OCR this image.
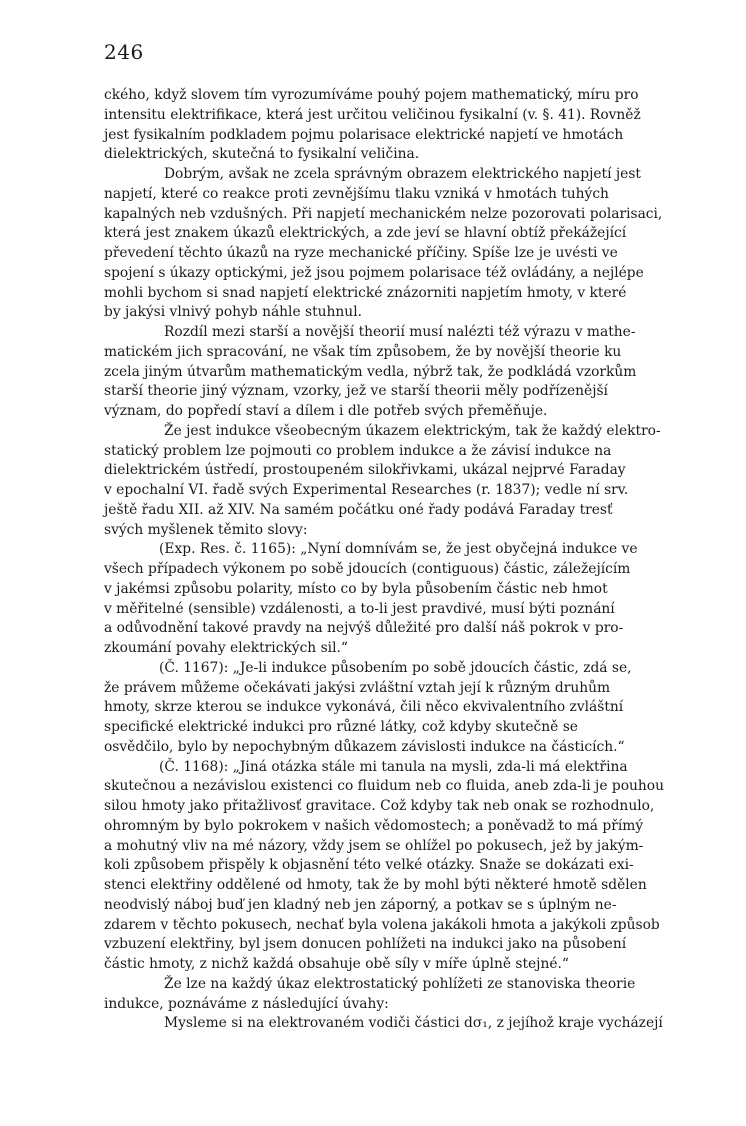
246

ckého, když slovem tím vyrozumíváme pouhý pojem mathematický, míru pro
intensitu elektrifikace, která jest určitou veličinou fysikalní (v. §. 41). Rovněž
jest fysikalním podkladem pojmu polarisace elektrické napjetí ve hmotách
dielektrických, skutečná to fysikalní veličina.

Dobrým, avšak ne zcela správným obrazem elektrického napjetí jest
napjetí, které co reakce proti zevnějšímu tlaku vzniká v hmotách tuhých
kapalných neb vzdušných. Při napjetí mechanickém nelze pozorovati polarisaci,
která jest znakem úkazů elektrických, a zde jeví se hlavní obtíž překážející
převedení těchto úkazů na ryze mechanické příčiny. Spíše lze je uvésti ve
spojení s úkazy optickými, jež jsou pojmem polarisace též ovládány, a nejlépe
mohli bychom si snad napjetí elektrické znázorniti napjetím hmoty, v které
by jakýsi vlnivý pohyb náhle stuhnul.

Rozdíl mezi starší a novější theorií musí nalézti též výrazu v mathe-
matickém jich spracování, ne však tím způsobem, že by novější theorie ku
zcela jiným útvarům mathematickým vedla, nýbrž tak, že podkládá vzorkům
starší theorie jiný význam, vzorky, jež ve starší theorii měly podřízenější
význam, do popředí staví a dílem i dle potřeb svých přeměňuje.

Že jest indukce všeobecným úkazem elektrickým, tak že každý elektro-
statický problem lze pojmouti co problem indukce a že závisí indukce na
dielektrickém ústředí, prostoupeném silokřivkami, ukázal nejprvé Faraday
v epochalní VI. řadě svých Experimental Researches (r. 1837); vedle ní srv.
ještě řadu XII. až XIV. Na samém počátku oné řady podává Faraday tresť
svých myšlenek těmito slovy:

(Exp. Res. č. 1165): „Nyní domnívám se, že jest obyčejná indukce ve
všech případech výkonem po sobě jdoucích (contiguous) částic, záležejícím
v jakémsi způsobu polarity, místo co by byla působením částic neb hmot
v měřitelné (sensible) vzdálenosti, a to-li jest pravdivé, musí býti poznání
a odůvodnění takové pravdy na nejvýš důležité pro další náš pokrok v pro-
zkoumání povahy elektrických sil.“

(Č. 1167): „Je-li indukce působením po sobě jdoucích částic, zdá se,
že právem můžeme očekávati jakýsi zvláštní vztah její k různým druhům
hmoty, skrze kterou se indukce vykonává, čili něco ekvivalentního zvláštní
specifické elektrické indukci pro různé látky, což kdyby skutečně se
osvědčilo, bylo by nepochybným důkazem závislosti indukce na částicích.“

(Č. 1168): „Jiná otázka stále mi tanula na mysli, zda-li má elektřina
skutečnou a nezávislou existenci co fluidum neb co fluida, aneb zda-li je pouhou
silou hmoty jako přitažlivosť gravitace. Což kdyby tak neb onak se rozhodnulo,
ohromným by bylo pokrokem v našich vědomostech; a poněvadž to má přímý
a mohutný vliv na mé názory, vždy jsem se ohlížel po pokusech, jež by jakým-
koli způsobem přispěly k objasnění této velké otázky. Snaže se dokázati exi-
stenci elektřiny oddělené od hmoty, tak že by mohl býti některé hmotě sdělen
neodvislý náboj buď jen kladný neb jen záporný, a potkav se s úplným ne-
zdarem v těchto pokusech, nechať byla volena jakákoli hmota a jakýkoli způsob
vzbuzení elektřiny, byl jsem donucen pohlížeti na indukci jako na působení
částic hmoty, z nichž každá obsahuje obě síly v míře úplně stejné.“

Že lze na každý úkaz elektrostatický pohlížeti ze stanoviska theorie
indukce, poznáváme z následující úvahy:

Mysleme si na elektrovaném vodiči částici dσ₁, z jejíhož kraje vycházejí
